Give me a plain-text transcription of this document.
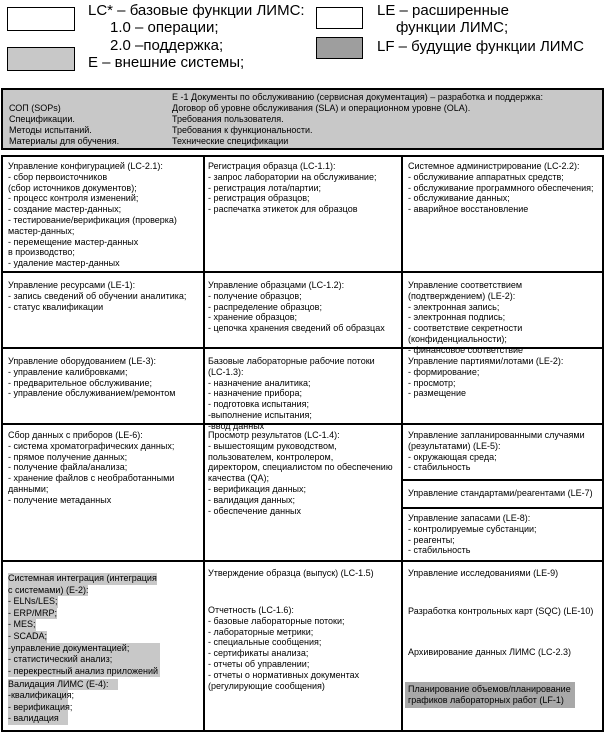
LC* – базовые функции ЛИМС:
1.0 – операции;
2.0 –поддержка;
E – внешние системы;
LE – расширенные
функции ЛИМС;
LF – будущие функции ЛИМС
СОП (SOPs)
Спецификации.
Методы испытаний.
Материалы для обучения.
E -1 Документы по обслуживанию (сервисная документация) – разработка и поддержка:
Договор об уровне обслуживания (SLA) и операционном уровне (OLA).
Требования пользователя.
Требования к функциональности.
Технические спецификации
Управление конфигурацией (LC-2.1):
- сбор первоисточников
(сбор источников документов);
- процесс контроля изменений;
- создание мастер-данных;
- тестирование/верификация (проверка)
мастер-данных;
- перемещение мастер-данных
в производство;
- удаление мастер-данных
Регистрация образца (LC-1.1):
- запрос лаборатории на обслуживание;
- регистрация лота/партии;
- регистрация образцов;
- распечатка этикеток для образцов
Системное администрирование (LC-2.2):
- обслуживание аппаратных средств;
- обслуживание программного обеспечения;
- обслуживание данных;
- аварийное восстановление
Управление ресурсами (LE-1):
- запись сведений об обучении аналитика;
- статус квалификации
Управление образцами (LC-1.2):
- получение образцов;
- распределение образцов;
- хранение образцов;
- цепочка хранения сведений об образцах
Управление соответствием
(подтверждением) (LE-2):
- электронная запись;
- электронная подпись;
- соответствие секретности
(конфиденциальности);
- финансовое соответствие
Управление оборудованием (LE-3):
- управление калибровками;
- предварительное обслуживание;
- управление обслуживанием/ремонтом
Базовые лабораторные рабочие потоки
(LC-1.3):
- назначение аналитика;
- назначение прибора;
- подготовка испытания;
-выполнение испытания;
-ввод данных
Управление партиями/лотами (LE-2):
- формирование;
- просмотр;
- размещение
Сбор данных с приборов (LE-6):
- система хроматографических данных;
- прямое получение данных;
- получение файла/анализа;
- хранение файлов с необработанными
данными;
- получение метаданных
Просмотр результатов (LC-1.4):
- вышестоящим руководством,
пользователем, контролером,
директором, специалистом по обеспечению
качества (QA);
- верификация данных;
- валидация данных;
- обеспечение данных
Управление запланированными случаями
(результатами) (LE-5):
- окружающая среда;
- стабильность
Управление стандартами/реагентами (LE-7)
Управление запасами (LE-8):
- контролируемые субстанции;
- реагенты;
- стабильность
Системная интеграция (интеграция
с системами) (E-2):
- ELNs/LES;
- ERP/MRP;
- MES;
- SCADA;
-управление документацией;
- статистический анализ;
- перекрестный анализ приложений
Валидация ЛИМС (E-4):
-квалификация;
- верификация;
- валидация
Утверждение образца (выпуск) (LC-1.5)
Отчетность (LC-1.6):
- базовые лабораторные потоки;
- лабораторные метрики;
- специальные сообщения;
- сертификаты анализа;
- отчеты об управлении;
- отчеты о нормативных документах
(регулирующие сообщения)
Управление исследованиями (LE-9)
Разработка контрольных карт (SQC) (LE-10)
Архивирование данных ЛИМС (LC-2.3)
Планирование объемов/планирование
графиков лабораторных работ (LF-1)
